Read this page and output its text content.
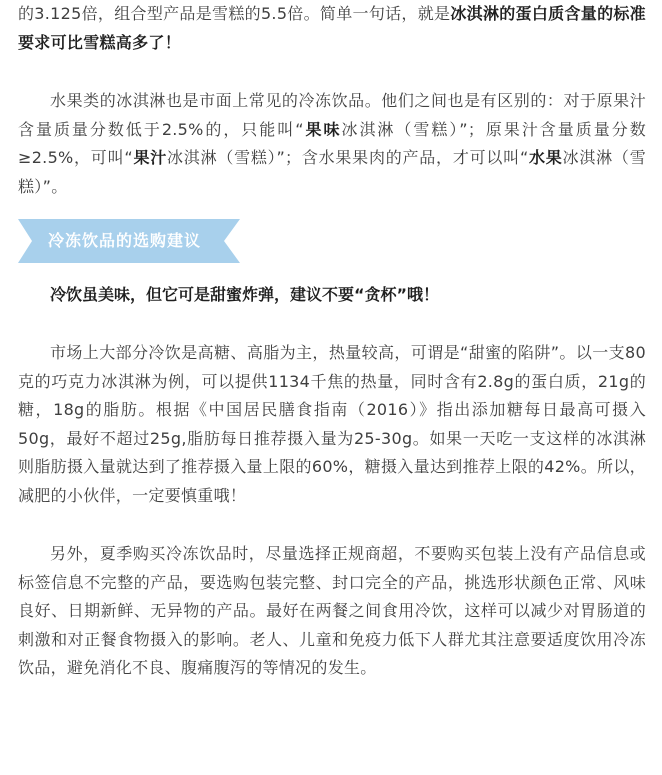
的3.125倍，组合型产品是雪糕的5.5倍。简单一句话，就是冰淇淋的蛋白质含量的标准要求可比雪糕高多了！

水果类的冰淇淋也是市面上常见的冷冻饮品。他们之间也是有区别的：对于原果汁含量质量分数低于2.5%的，只能叫“果味冰淇淋（雪糕）”；原果汁含量质量分数≥2.5%，可叫“果汁冰淇淋（雪糕）”；含水果果肉的产品，才可以叫“水果冰淇淋（雪糕）”。

冷冻饮品的选购建议

冷饮虽美味，但它可是甜蜜炸弹，建议不要“贪杯”哦！

市场上大部分冷饮是高糖、高脂为主，热量较高，可谓是“甜蜜的陷阱”。以一支80克的巧克力冰淇淋为例，可以提供1134千焦的热量，同时含有2.8g的蛋白质，21g的糖，18g的脂肪。根据《中国居民膳食指南（2016）》指出添加糖每日最高可摄入50g，最好不超过25g,脂肪每日推荐摄入量为25-30g。如果一天吃一支这样的冰淇淋则脂肪摄入量就达到了推荐摄入量上限的60%，糖摄入量达到推荐上限的42%。所以，减肥的小伙伴，一定要慎重哦！

另外，夏季购买冷冻饮品时，尽量选择正规商超，不要购买包装上没有产品信息或标签信息不完整的产品，要选购包装完整、封口完全的产品，挑选形状颜色正常、风味良好、日期新鲜、无异物的产品。最好在两餐之间食用冷饮，这样可以减少对胃肠道的刺激和对正餐食物摄入的影响。老人、儿童和免疫力低下人群尤其注意要适度饮用冷冻饮品，避免消化不良、腹痛腹泻的等情况的发生。
